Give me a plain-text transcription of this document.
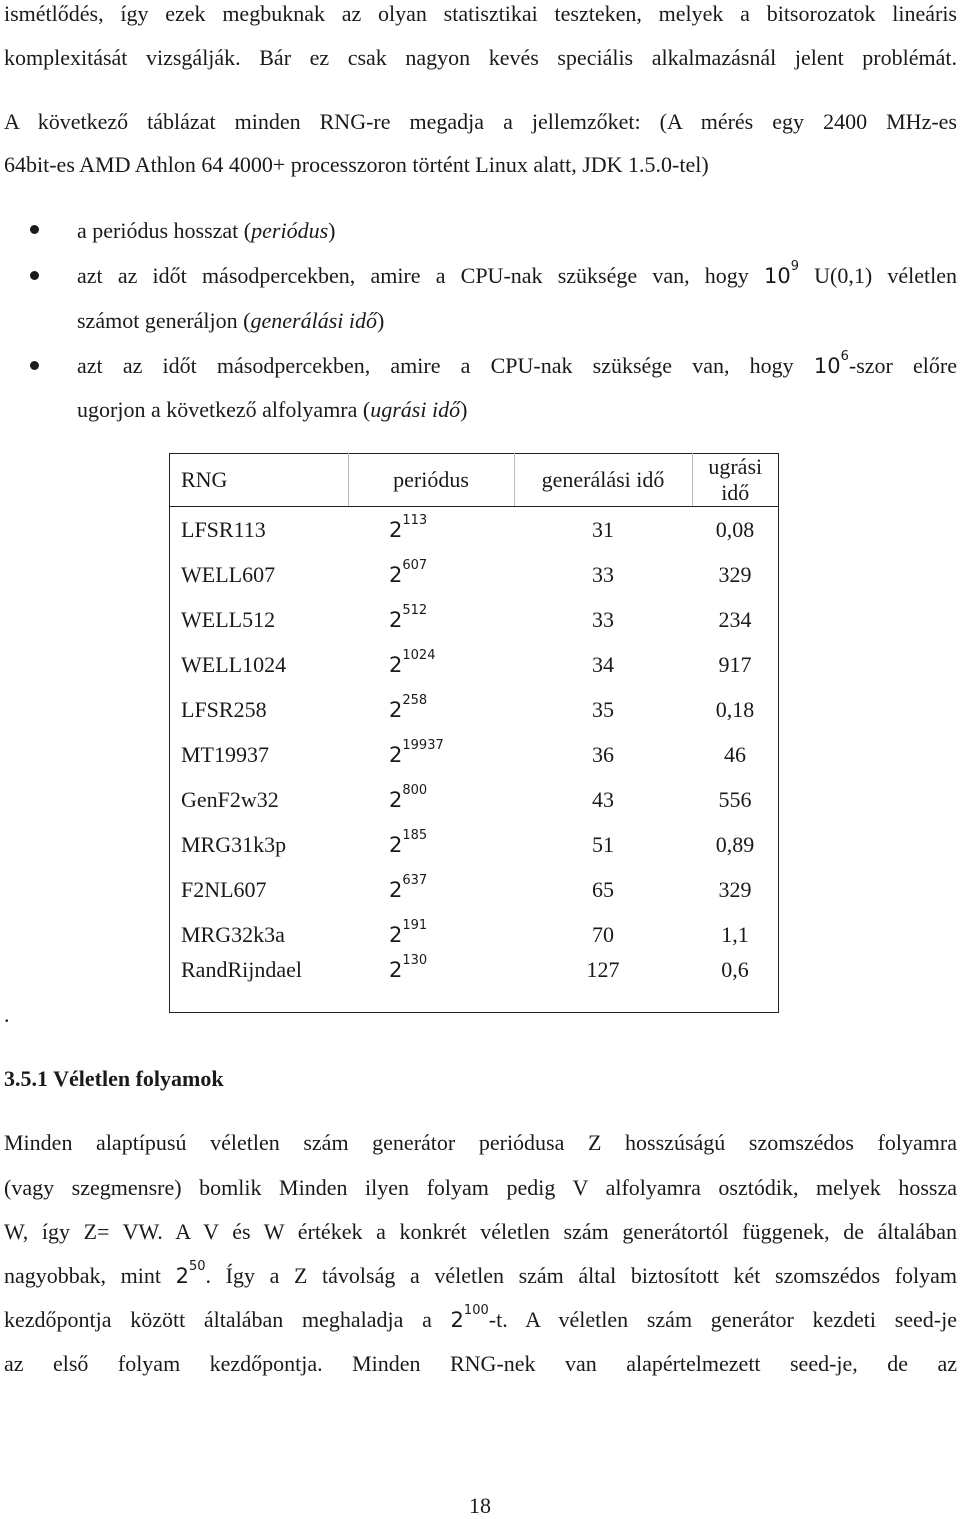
ismétlődés, így ezek megbuknak az olyan statisztikai teszteken, melyek a bitsorozatok lineáris
komplexitását vizsgálják. Bár ez csak nagyon kevés speciális alkalmazásnál jelent problémát.
A következő táblázat minden RNG-re megadja a jellemzőket: (A mérés egy 2400 MHz-es
64bit-es AMD Athlon 64 4000+ processzoron történt Linux alatt, JDK 1.5.0-tel)
a periódus hosszat (periódus)
azt az időt másodpercekben, amire a CPU-nak szüksége van, hogy $10^9$ U(0,1) véletlen
számot generáljon (generálási idő)
azt az időt másodpercekben, amire a CPU-nak szüksége van, hogy $10^6$-szor előre
ugorjon a következő alfolyamra (ugrási idő)
RNG	periódus	generálási idő	ugrási idő
LFSR113	$2^{113}$	31	0,08
WELL607	$2^{607}$	33	329
WELL512	$2^{512}$	33	234
WELL1024	$2^{1024}$	34	917
LFSR258	$2^{258}$	35	0,18
MT19937	$2^{19937}$	36	46
GenF2w32	$2^{800}$	43	556
MRG31k3p	$2^{185}$	51	0,89
F2NL607	$2^{637}$	65	329
MRG32k3a	$2^{191}$	70	1,1
RandRijndael	$2^{130}$	127	0,6
.
3.5.1 Véletlen folyamok
Minden alaptípusú véletlen szám generátor periódusa Z hosszúságú szomszédos folyamra
(vagy szegmensre) bomlik Minden ilyen folyam pedig V alfolyamra osztódik, melyek hossza
W, így Z= VW. A V és W értékek a konkrét véletlen szám generátortól függenek, de általában
nagyobbak, mint $2^{50}$. Így a Z távolság a véletlen szám által biztosított két szomszédos folyam
kezdőpontja között általában meghaladja a $2^{100}-t$. A véletlen szám generátor kezdeti seed-je
az első folyam kezdőpontja. Minden RNG-nek van alapértelmezett seed-je, de az
18
